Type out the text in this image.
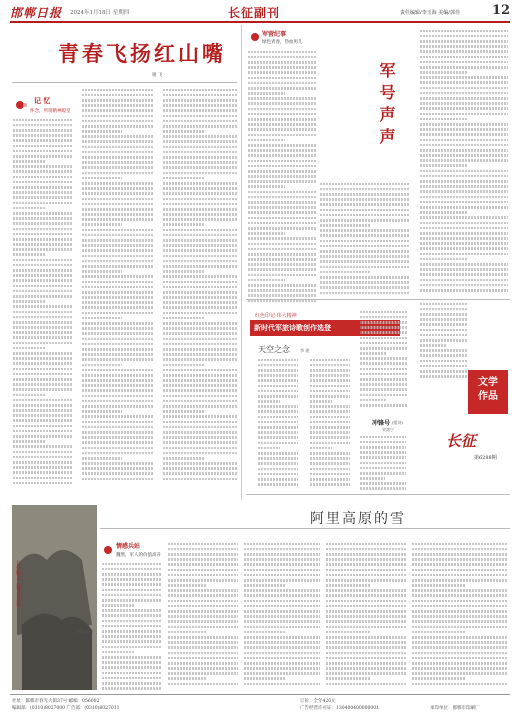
邯郸日报 2024年1月18日 星期四	长征副刊	责任编辑/李玉海 美编/郭佳 12
青春飞扬红山嘴
谢 飞
记 忆
怀念，所谓精神殿堂
军营纪事
绿色青春，热血男儿
军号声声
红色印记·伟大精神
新时代军旅诗歌创作选登
天空之念	李 建
冲锋号 (组诗)
宋鸿宁
文学
作品
长征
第6288期
阿里高原的雪
情感兵站
魏然，军人的价值高升
长征路上《遵义会议》
(资料图片)
社址：邯郸市春光大街37号 邮编：056002
编辑部：(0310)8027000 广告部：(0310)8027011
订价：全年420元
广告经营许可证：130400400000001	承印单位：邯郸市印刷厂
